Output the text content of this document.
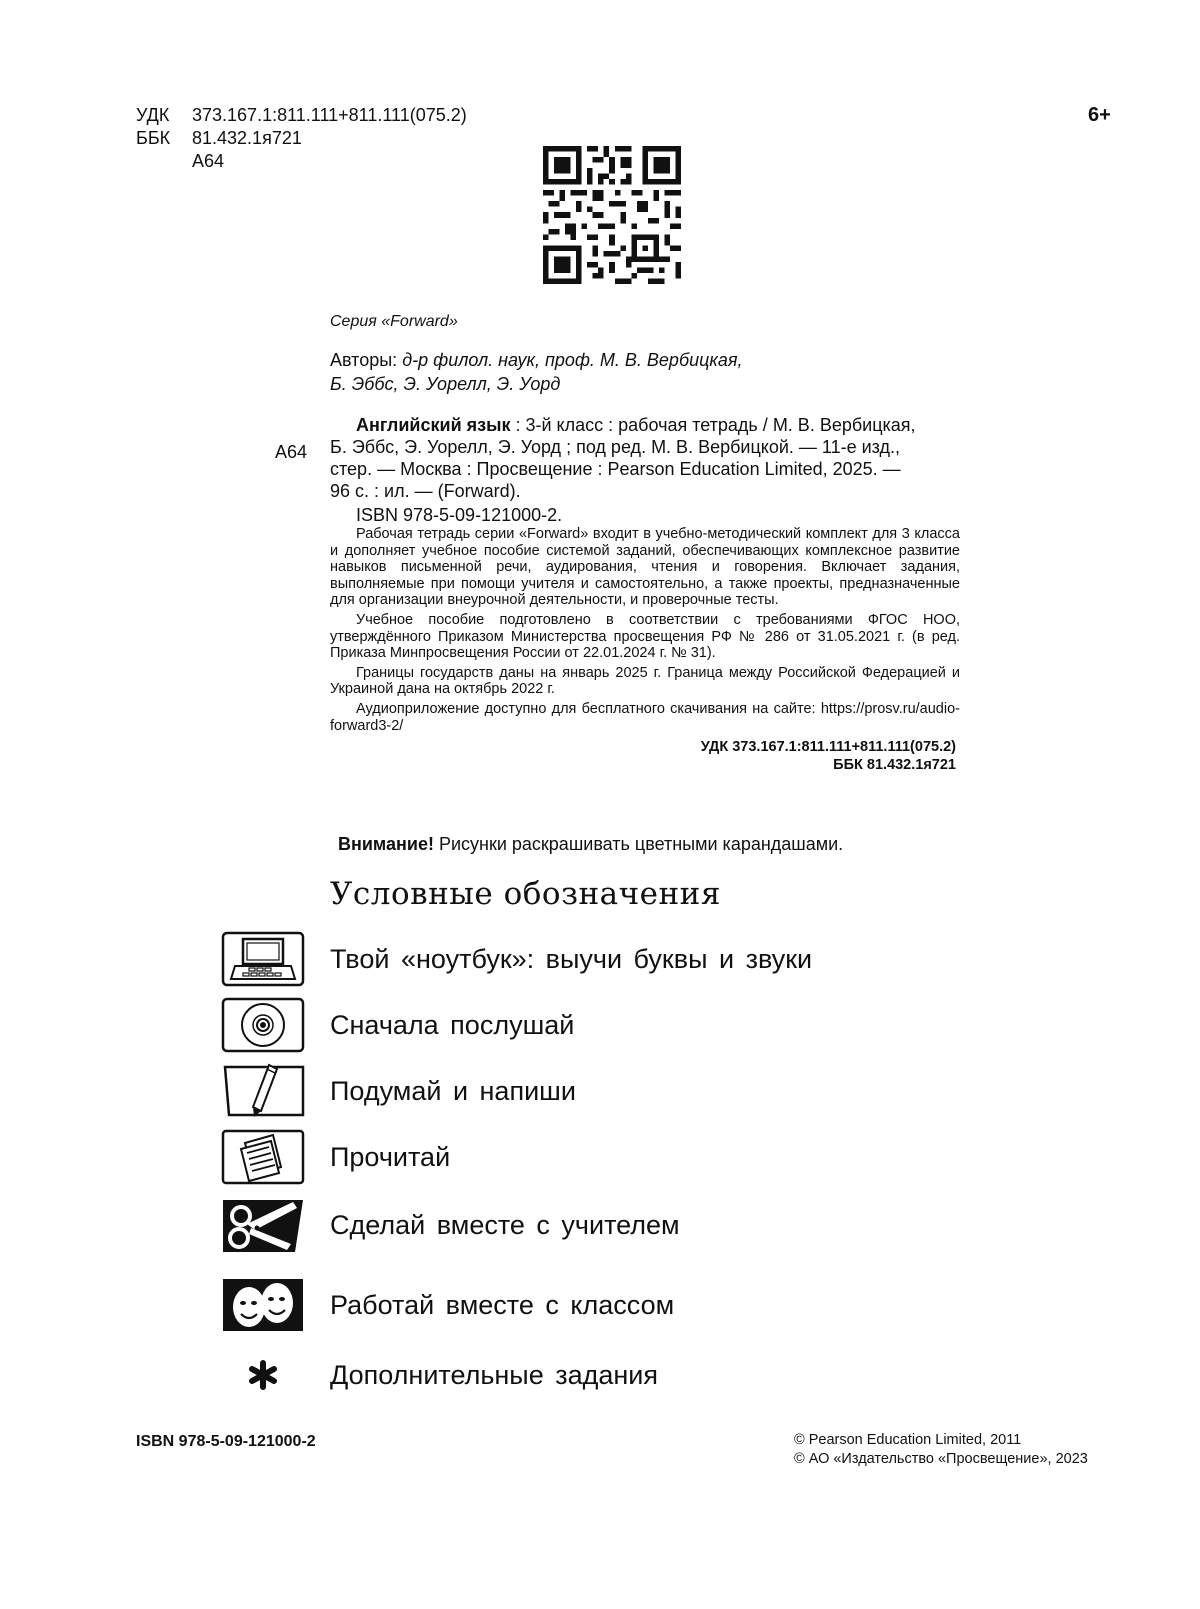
УДК	373.167.1:811.111+811.111(075.2)
ББК	81.432.1я721
А64
6+
Серия «Forward»
Авторы: д-р филол. наук, проф. М. В. Вербицкая,
Б. Эббс, Э. Уорелл, Э. Уорд
А64
Английский язык : 3-й класс : рабочая тетрадь / М. В. Вербицкая,
Б. Эббс, Э. Уорелл, Э. Уорд ; под ред. М. В. Вербицкой. — 11-е изд.,
стер. — Москва : Просвещение : Pearson Education Limited, 2025. —
96 с. : ил. — (Forward).
ISBN 978-5-09-121000-2.

Рабочая тетрадь серии «Forward» входит в учебно-методический комплект для 3 класса и дополняет учебное пособие системой заданий, обеспечивающих комплексное развитие навыков письменной речи, аудирования, чтения и говорения. Включает задания, выполняемые при помощи учителя и самостоятельно, а также проекты, предназначенные для организации внеурочной деятельности, и проверочные тесты.

Учебное пособие подготовлено в соответствии с требованиями ФГОС НОО, утверждённого Приказом Министерства просвещения РФ № 286 от 31.05.2021 г. (в ред. Приказа Минпросвещения России от 22.01.2024 г. № 31).

Границы государств даны на январь 2025 г. Граница между Российской Федерацией и Украиной дана на октябрь 2022 г.

Аудиоприложение доступно для бесплатного скачивания на сайте: https://prosv.ru/audio-forward3-2/

УДК 373.167.1:811.111+811.111(075.2)
ББК 81.432.1я721
Внимание! Рисунки раскрашивать цветными карандашами.
Условные обозначения
Твой «ноутбук»: выучи буквы и звуки
Сначала послушай
Подумай и напиши
Прочитай
Сделай вместе с учителем
Работай вместе с классом
Дополнительные задания
ISBN 978-5-09-121000-2	© Pearson Education Limited, 2011
© АО «Издательство «Просвещение», 2023
